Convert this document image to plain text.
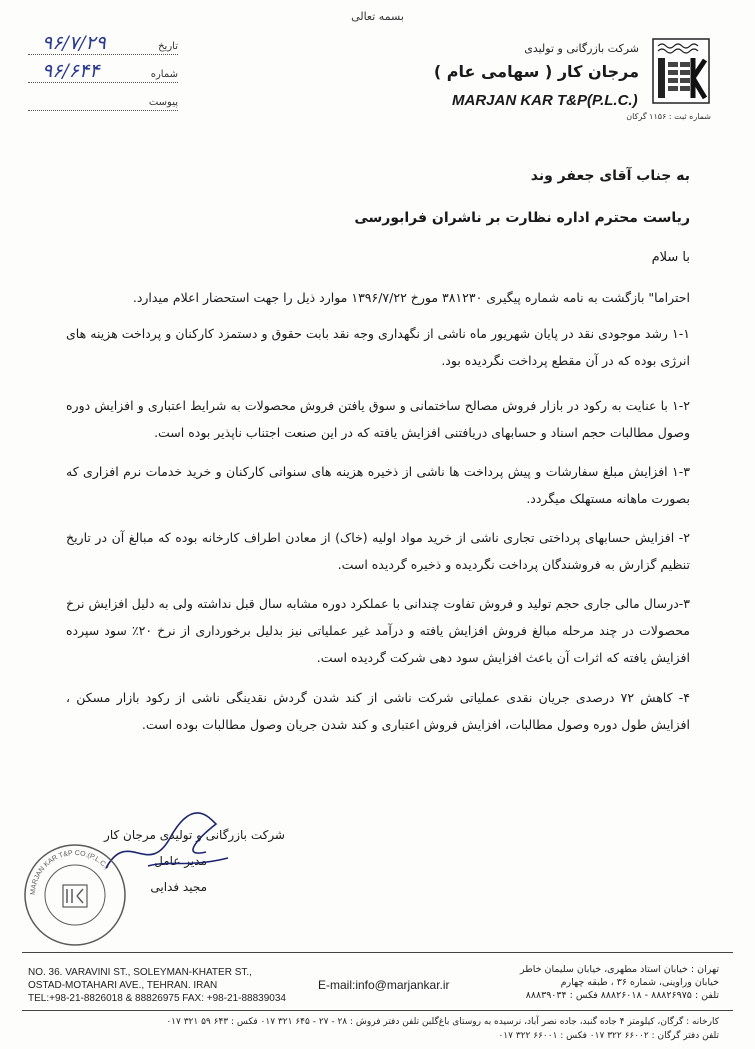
بسمه تعالی
تاریخ
۹۶/۷/۲۹
شماره
۹۶/۶۴۴
پیوست
شرکت بازرگانی و تولیدی
مرجان کار ( سهامی عام )
MARJAN KAR T&P(P.L.C.)
شماره ثبت : ۱۱۵۶ گرکان
به جناب آقای جعفر وند
ریاست محترم اداره نظارت بر ناشران فرابورسی
با سلام
احتراما" بازگشت به نامه شماره پیگیری ۳۸۱۲۳۰ مورخ ۱۳۹۶/۷/۲۲ موارد ذیل را جهت استحضار اعلام میدارد.
۱-۱ رشد موجودی نقد در پایان شهریور ماه ناشی از نگهداری وجه نقد بابت حقوق و دستمزد کارکنان و پرداخت هزینه های انرژی بوده که در آن مقطع پرداخت نگردیده بود.
۱-۲ با عنایت به رکود در بازار فروش مصالح ساختمانی و سوق یافتن فروش محصولات به شرایط اعتباری و افزایش دوره وصول مطالبات حجم اسناد و حسابهای دریافتنی افزایش یافته که در این صنعت اجتناب ناپذیر بوده است.
۱-۳ افزایش مبلغ سفارشات و پیش پرداخت ها ناشی از ذخیره هزینه های سنواتی کارکنان و خرید خدمات نرم افزاری که بصورت ماهانه مستهلک میگردد.
۲- افزایش حسابهای پرداختی تجاری ناشی از خرید مواد اولیه (خاک) از معادن اطراف کارخانه بوده که مبالغ آن در تاریخ تنظیم گزارش به فروشندگان پرداخت نگردیده و ذخیره گردیده است.
۳-درسال مالی جاری حجم تولید و فروش تفاوت چندانی با عملکرد دوره مشابه سال قبل نداشته ولی به دلیل افزایش نرخ محصولات در چند مرحله مبالغ فروش افزایش یافته و درآمد غیر عملیاتی نیز بدلیل برخورداری از نرخ ۲۰٪ سود سپرده افزایش یافته که اثرات آن باعث افزایش سود دهی شرکت گردیده است.
۴- کاهش ۷۲ درصدی جریان نقدی عملیاتی شرکت ناشی از کند شدن گردش نقدینگی ناشی از رکود بازار مسکن ، افزایش طول دوره وصول مطالبات، افزایش فروش اعتباری و کند شدن جریان وصول مطالبات بوده است.
شرکت بازرگانی و تولیدی مرجان کار
مدیر عامل
مجید فدایی
MARJAN KAR T&P CO.(P.L.C.)
NO. 36. VARAVINI ST., SOLEYMAN-KHATER ST.,
OSTAD-MOTAHARI AVE., TEHRAN. IRAN
TEL:+98-21-8826018 & 88826975 FAX: +98-21-88839034
E-mail:info@marjankar.ir
تهران : خیابان استاد مطهری، خیابان سلیمان خاطر
خیابان وراوینی، شماره ۳۶ ، طبقه چهارم
تلفن : ۸۸۸۲۶۹۷۵ - ۸۸۸۲۶۰۱۸ فکس : ۸۸۸۳۹۰۳۴
کارخانه : گرگان، کیلومتر ۴ جاده گنبد، جاده نصر آباد، نرسیده به روستای باغ‌گلبن تلفن دفتر فروش : ۲۸ - ۲۷ - ۶۴۵ ۳۲۱ ۰۱۷ فکس : ۶۴۳ ۵۹ ۳۲۱ ۰۱۷
تلفن دفتر گرگان : ۶۶۰۰۲ ۳۲۲ ۰۱۷ فکس : ۶۶۰۰۱ ۳۲۲ ۰۱۷
